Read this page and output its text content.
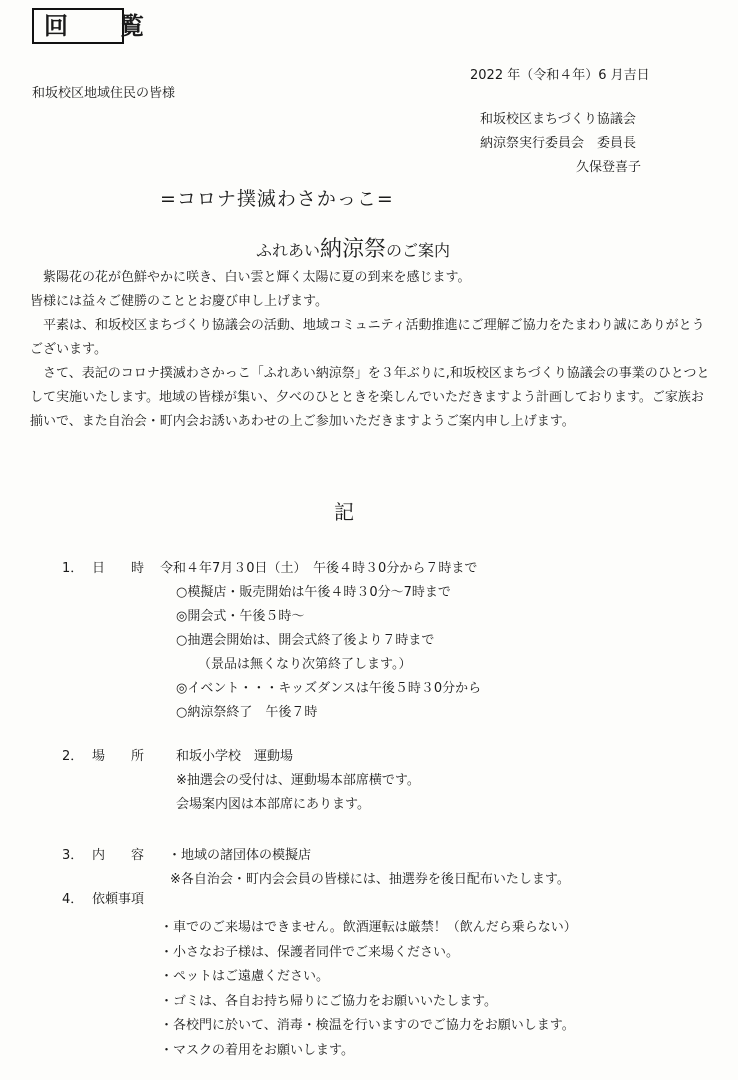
回　覧
2022 年（令和４年）6 月吉日
和坂校区地域住民の皆様
和坂校区まちづくり協議会
納涼祭実行委員会　委員長
久保登喜子
=コロナ撲滅わさかっこ=
ふれあい納涼祭のご案内

紫陽花の花が色鮮やかに咲き、白い雲と輝く太陽に夏の到来を感じます。

皆様には益々ご健勝のこととお慶び申し上げます。

平素は、和坂校区まちづくり協議会の活動、地域コミュニティ活動推進にご理解ご協力をたまわり誠にありがとうございます。

さて、表記のコロナ撲滅わさかっこ「ふれあい納涼祭」を３年ぶりに,和坂校区まちづくり協議会の事業のひとつとして実施いたします。地域の皆様が集い、夕べのひとときを楽しんでいただきますよう計画しております。ご家族お揃いで、また自治会・町内会お誘いあわせの上ご参加いただきますようご案内申し上げます。

記
1． 日　　時 令和４年7月３0日（土）　午後４時３0分から７時まで
○模擬店・販売開始は午後４時３0分～7時まで
◎開会式・午後５時～
○抽選会開始は、開会式終了後より７時まで
（景品は無くなり次第終了します。）
◎イベント・・・キッズダンスは午後５時３0分から
○納涼祭終了　午後７時
2． 場　　所 和坂小学校　運動場
※抽選会の受付は、運動場本部席横です。
会場案内図は本部席にあります。
3． 内　　容 ・地域の諸団体の模擬店
※各自治会・町内会会員の皆様には、抽選券を後日配布いたします。
4． 依頼事項
・車でのご来場はできません。飲酒運転は厳禁！（飲んだら乗らない）
・小さなお子様は、保護者同伴でご来場ください。
・ペットはご遠慮ください。
・ゴミは、各自お持ち帰りにご協力をお願いいたします。
・各校門に於いて、消毒・検温を行いますのでご協力をお願いします。
・マスクの着用をお願いします。
